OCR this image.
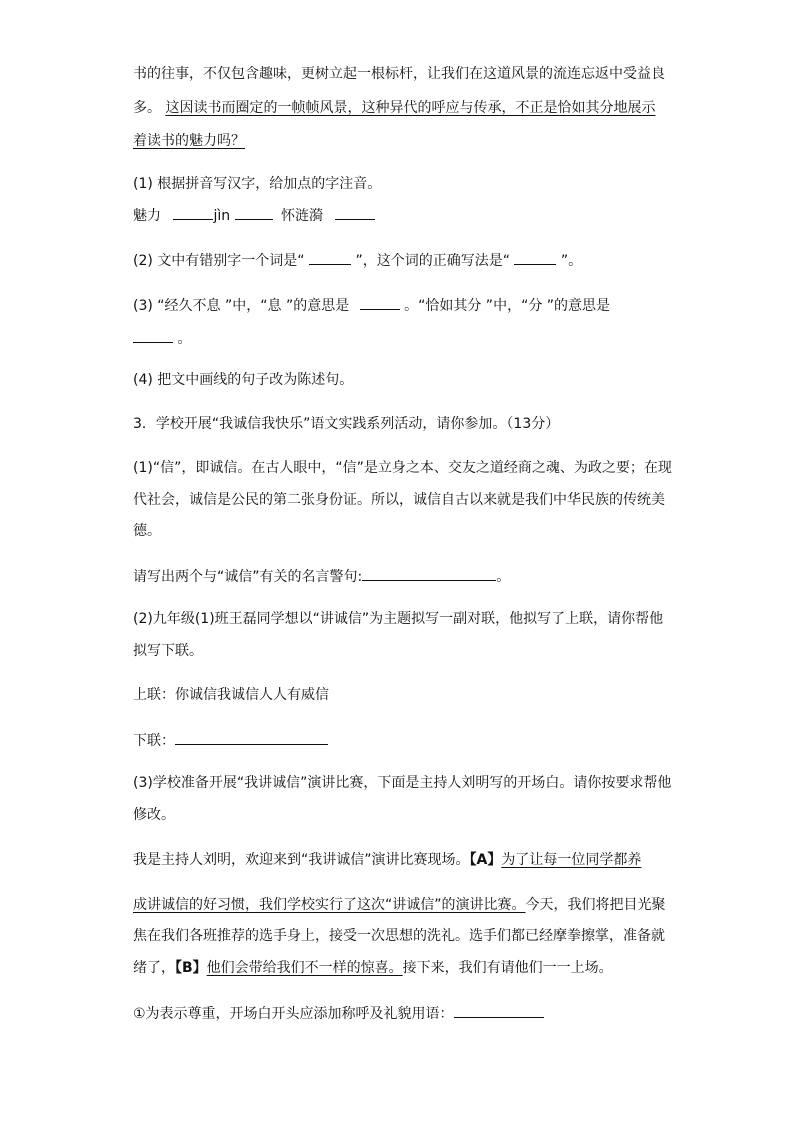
书的往事，不仅包含趣味，更树立起一根标杆，让我们在这道风景的流连忘返中受益良
多。 这因读书而圈定的一帧帧风景，这种异代的呼应与传承，不正是恰如其分地展示
着读书的魅力吗？
(1) 根据拼音写汉字，给加点的字注音。
魅力	jìn	怀涟漪
(2) 文中有错别字一个词是“	”，这个词的正确写法是“	”。
(3) “经久不息 ”中，“息 ”的意思是	。“恰如其分 ”中，“分 ”的意思是
。
(4) 把文中画线的句子改为陈述句。
3．学校开展“我诚信我快乐”语文实践系列活动，请你参加。（13分）
(1)“信”，即诚信。在古人眼中，“信”是立身之本、交友之道经商之魂、为政之要；在现
代社会，诚信是公民的第二张身份证。所以，诚信自古以来就是我们中华民族的传统美
德。
请写出两个与“诚信”有关的名言警句:	。
(2)九年级(1)班王磊同学想以“讲诚信”为主题拟写一副对联，他拟写了上联，请你帮他
拟写下联。
上联：你诚信我诚信人人有威信
下联：
(3)学校准备开展“我讲诚信”演讲比赛，下面是主持人刘明写的开场白。请你按要求帮他
修改。
我是主持人刘明，欢迎来到“我讲诚信”演讲比赛现场。【A】为了让每一位同学都养
成讲诚信的好习惯，我们学校实行了这次“讲诚信”的演讲比赛。今天，我们将把目光聚
焦在我们各班推荐的选手身上，接受一次思想的洗礼。选手们都已经摩拳擦掌，准备就
绪了，【B】他们会带给我们不一样的惊喜。接下来，我们有请他们一一上场。
①为表示尊重，开场白开头应添加称呼及礼貌用语：
